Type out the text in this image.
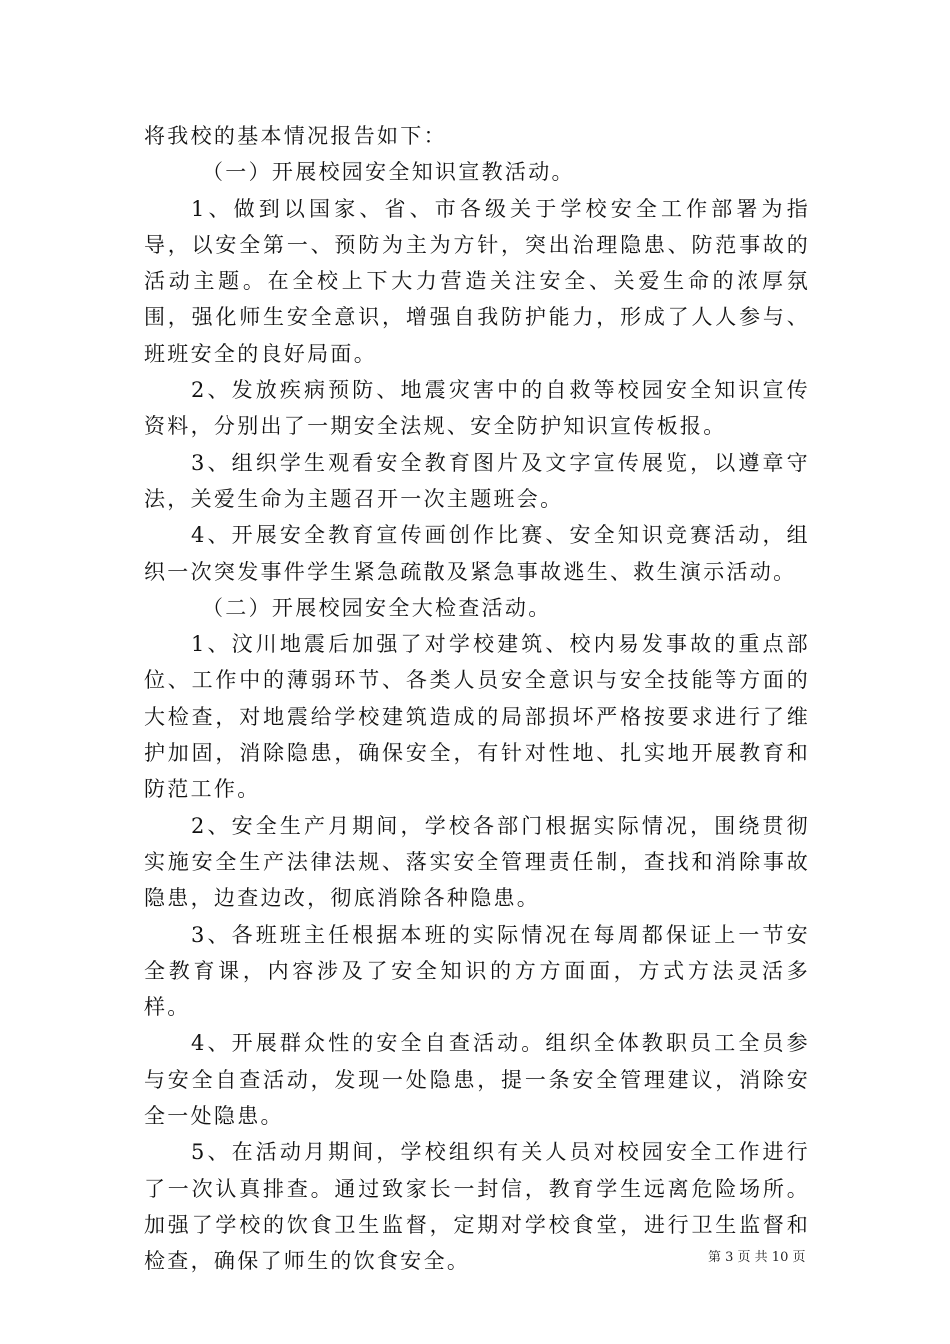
将我校的基本情况报告如下：

（一）开展校园安全知识宣教活动。

1、做到以国家、省、市各级关于学校安全工作部署为指导，以安全第一、预防为主为方针，突出治理隐患、防范事故的活动主题。在全校上下大力营造关注安全、关爱生命的浓厚氛围，强化师生安全意识，增强自我防护能力，形成了人人参与、班班安全的良好局面。

2、发放疾病预防、地震灾害中的自救等校园安全知识宣传资料，分别出了一期安全法规、安全防护知识宣传板报。

3、组织学生观看安全教育图片及文字宣传展览，以遵章守法，关爱生命为主题召开一次主题班会。

4、开展安全教育宣传画创作比赛、安全知识竞赛活动，组织一次突发事件学生紧急疏散及紧急事故逃生、救生演示活动。

（二）开展校园安全大检查活动。

1、汶川地震后加强了对学校建筑、校内易发事故的重点部位、工作中的薄弱环节、各类人员安全意识与安全技能等方面的大检查，对地震给学校建筑造成的局部损坏严格按要求进行了维护加固，消除隐患，确保安全，有针对性地、扎实地开展教育和防范工作。

2、安全生产月期间，学校各部门根据实际情况，围绕贯彻实施安全生产法律法规、落实安全管理责任制，查找和消除事故隐患，边查边改，彻底消除各种隐患。

3、各班班主任根据本班的实际情况在每周都保证上一节安全教育课，内容涉及了安全知识的方方面面，方式方法灵活多样。

4、开展群众性的安全自查活动。组织全体教职员工全员参与安全自查活动，发现一处隐患，提一条安全管理建议，消除安全一处隐患。

5、在活动月期间，学校组织有关人员对校园安全工作进行了一次认真排查。通过致家长一封信，教育学生远离危险场所。加强了学校的饮食卫生监督，定期对学校食堂，进行卫生监督和检查，确保了师生的饮食安全。	第 3 页 共 10 页
